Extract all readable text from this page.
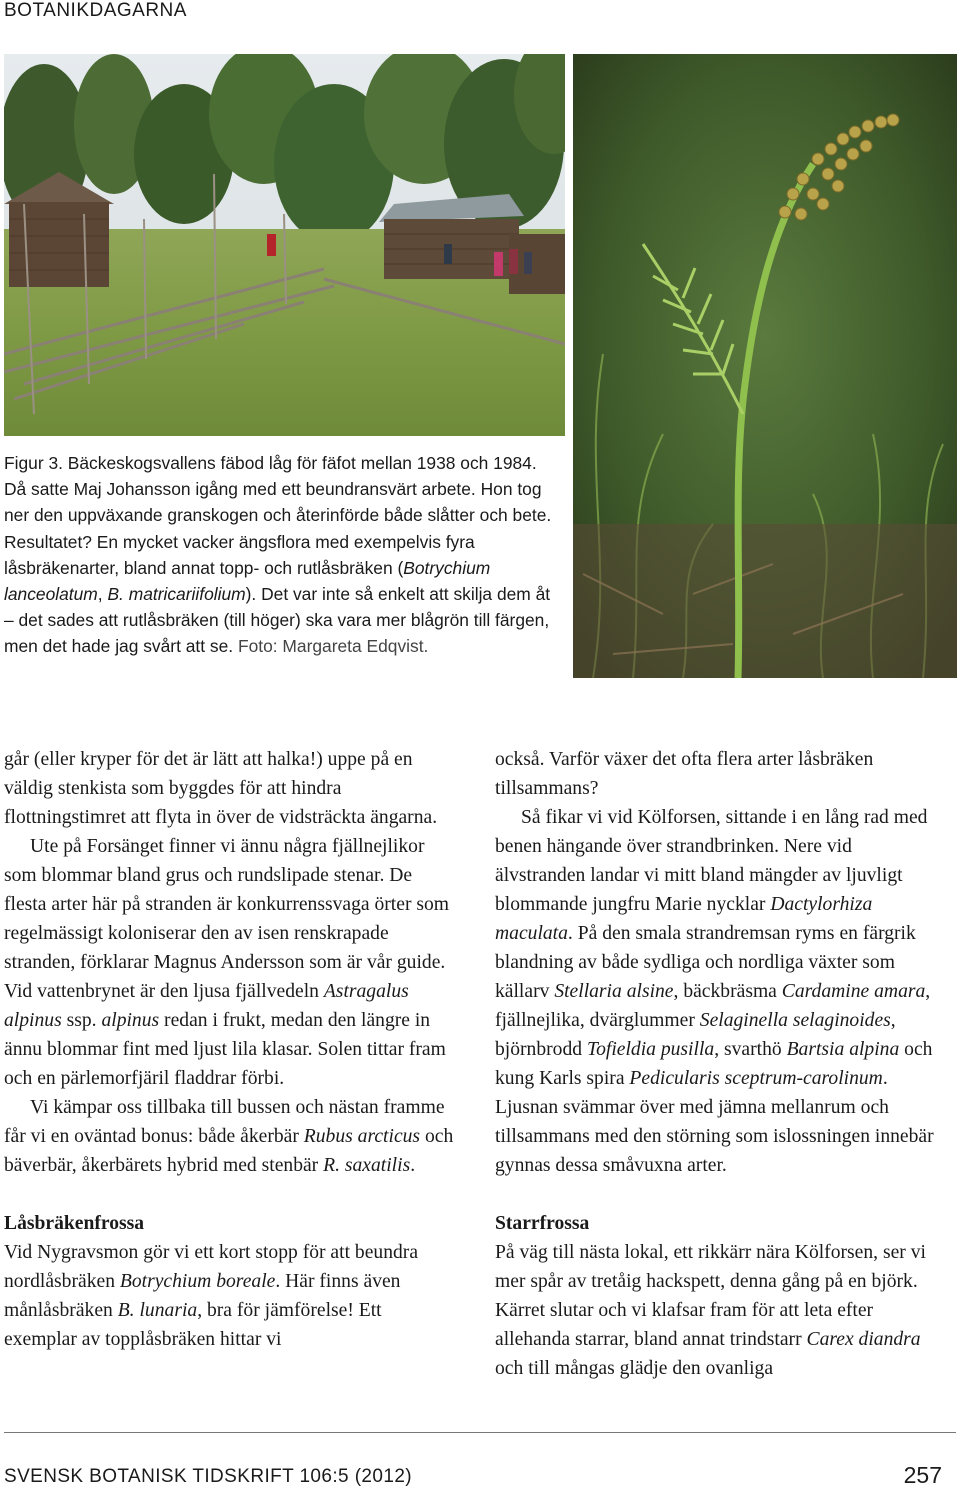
BOTANIKDAGARNA

Figur 3. Bäckeskogsvallens fäbod låg för fäfot mellan 1938 och 1984. Då satte Maj Johansson igång med ett beundransvärt arbete. Hon tog ner den uppväxande granskogen och återinförde både slåtter och bete. Resultatet? En mycket vacker ängsflora med exempelvis fyra låsbräkenarter, bland annat topp- och rutlåsbräken (Botrychium lanceolatum, B. matricariifolium). Det var inte så enkelt att skilja dem åt – det sades att rutlåsbräken (till höger) ska vara mer blågrön till färgen, men det hade jag svårt att se. Foto: Margareta Edqvist.

går (eller kryper för det är lätt att halka!) uppe på en väldig stenkista som byggdes för att hindra flottningstimret att flyta in över de vidsträckta ängarna.

Ute på Forsänget finner vi ännu några fjällnejlikor som blommar bland grus och rundslipade stenar. De flesta arter här på stranden är konkurrenssvaga örter som regelmässigt koloniserar den av isen renskrapade stranden, förklarar Magnus Andersson som är vår guide. Vid vattenbrynet är den ljusa fjällvedeln Astragalus alpinus ssp. alpinus redan i frukt, medan den längre in ännu blommar fint med ljust lila klasar. Solen tittar fram och en pärlemorfjäril fladdrar förbi.

Vi kämpar oss tillbaka till bussen och nästan framme får vi en oväntad bonus: både åkerbär Rubus arcticus och bäverbär, åkerbärets hybrid med stenbär R. saxatilis.

Låsbräkenfrossa

Vid Nygravsmon gör vi ett kort stopp för att beundra nordlåsbräken Botrychium boreale. Här finns även månlåsbräken B. lunaria, bra för jämförelse! Ett exemplar av topplåsbräken hittar vi

också. Varför växer det ofta flera arter låsbräken tillsammans?

Så fikar vi vid Kölforsen, sittande i en lång rad med benen hängande över strandbrinken. Nere vid älvstranden landar vi mitt bland mängder av ljuvligt blommande jungfru Marie nycklar Dactylorhiza maculata. På den smala strandremsan ryms en färgrik blandning av både sydliga och nordliga växter som källarv Stellaria alsine, bäckbräsma Cardamine amara, fjällnejlika, dvärglummer Selaginella selaginoides, björnbrodd Tofieldia pusilla, svarthö Bartsia alpina och kung Karls spira Pedicularis sceptrum-carolinum. Ljusnan svämmar över med jämna mellanrum och tillsammans med den störning som islossningen innebär gynnas dessa småvuxna arter.

Starrfrossa

På väg till nästa lokal, ett rikkärr nära Kölforsen, ser vi mer spår av tretåig hackspett, denna gång på en björk. Kärret slutar och vi klafsar fram för att leta efter allehanda starrar, bland annat trindstarr Carex diandra och till mångas glädje den ovanliga

SVENSK BOTANISK TIDSKRIFT 106:5 (2012)	257
